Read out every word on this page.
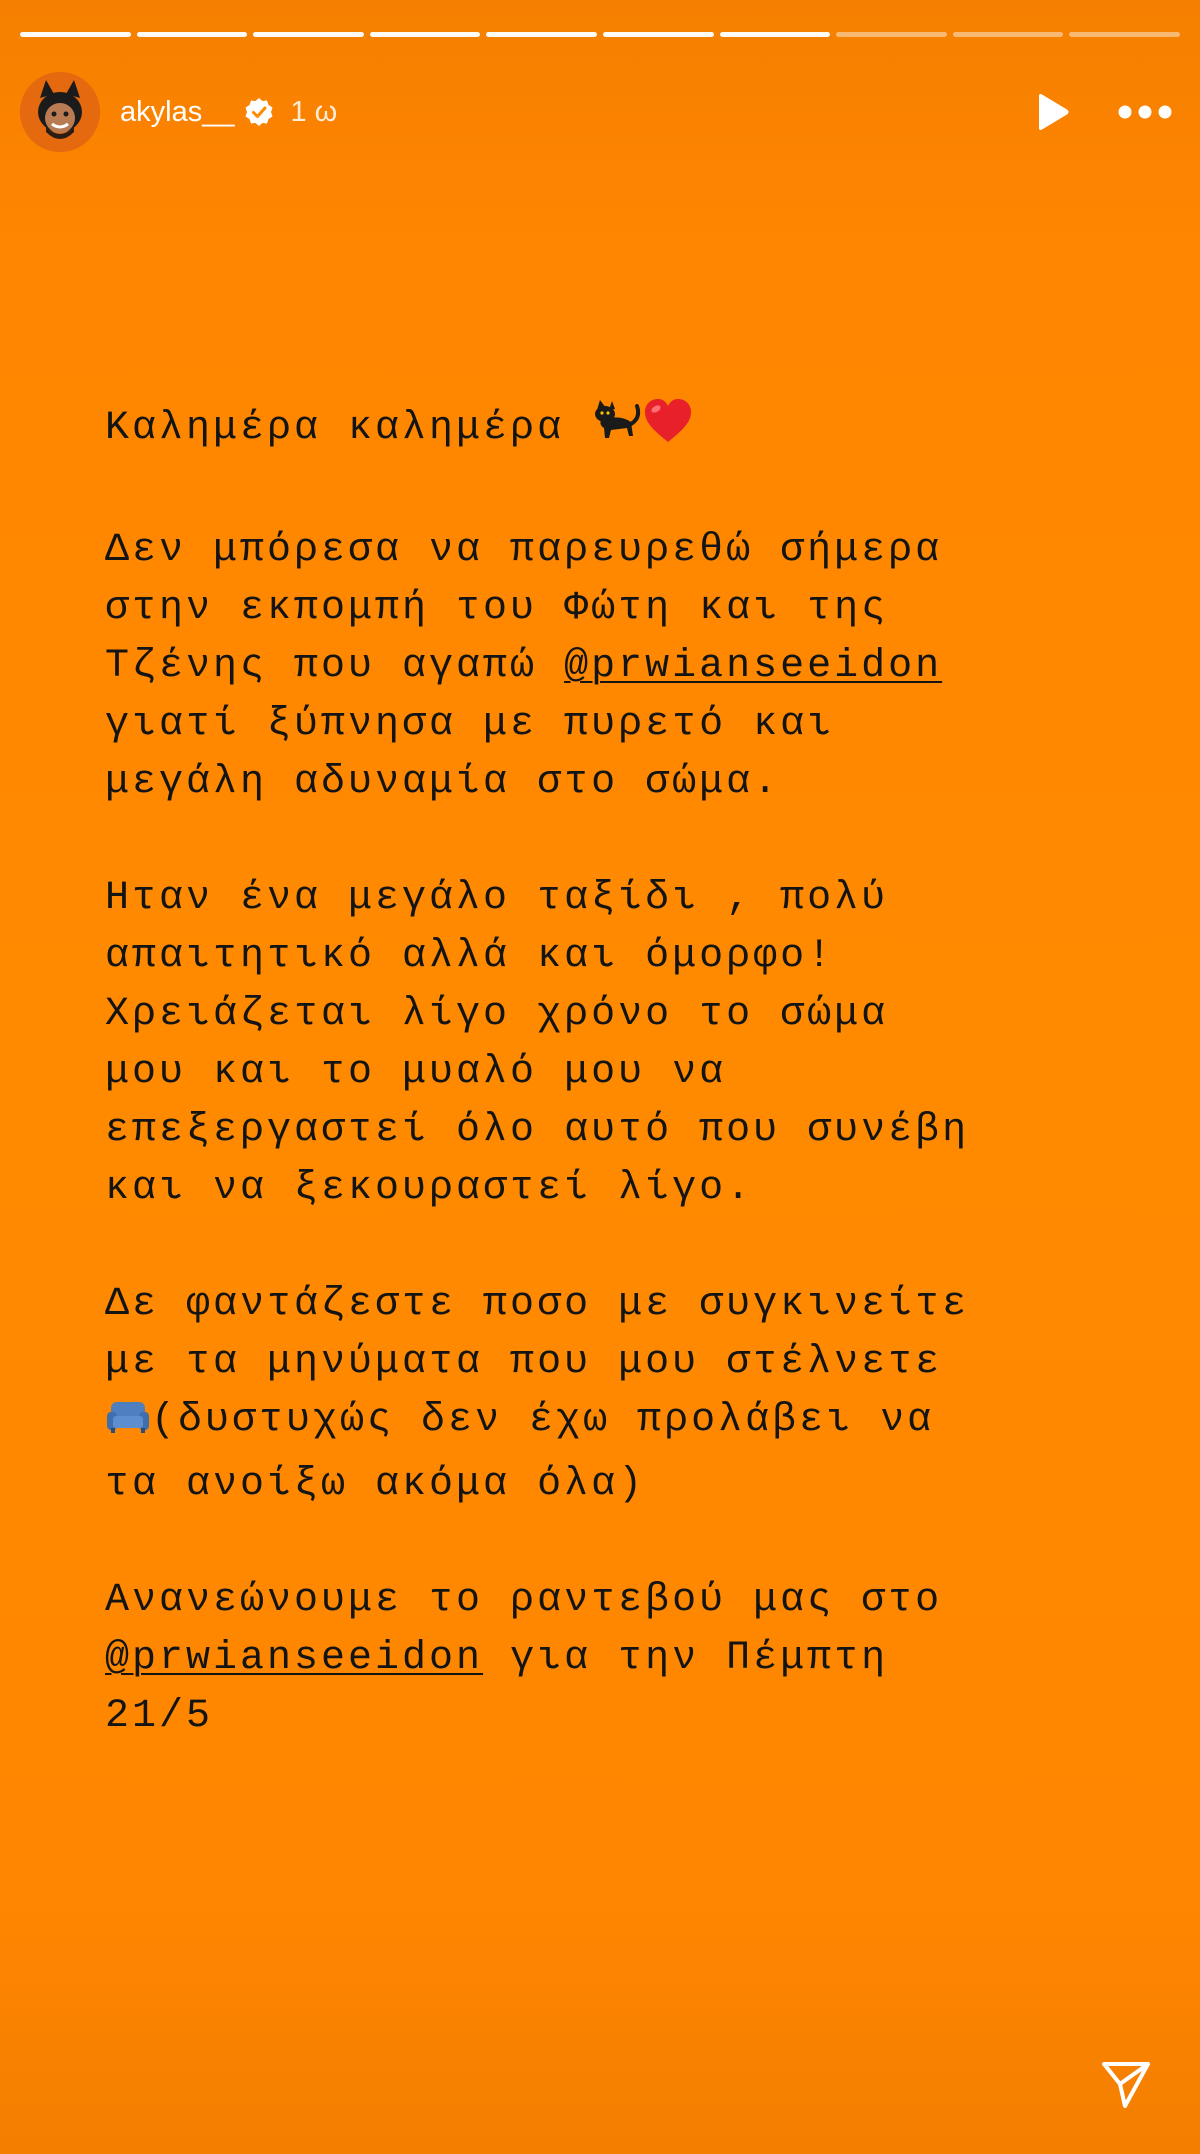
akylas__ 1 ω
Καλημέρα καλημέρα
Δεν μπόρεσα να παρευρεθώ σήμερα
στην εκπομπή του Φώτη και της
Τζένης που αγαπώ @prwianseeidon
γιατί ξύπνησα με πυρετό και
μεγάλη αδυναμία στο σώμα.
Ηταν ένα μεγάλο ταξίδι , πολύ
απαιτητικό αλλά και όμορφο!
Χρειάζεται λίγο χρόνο το σώμα
μου και το μυαλό μου να
επεξεργαστεί όλο αυτό που συνέβη
και να ξεκουραστεί λίγο.
Δε φαντάζεστε ποσο με συγκινείτε
με τα μηνύματα που μου στέλνετε
(δυστυχώς δεν έχω προλάβει να
τα ανοίξω ακόμα όλα)
Ανανεώνουμε το ραντεβού μας στο
@prwianseeidon για την Πέμπτη
21/5
